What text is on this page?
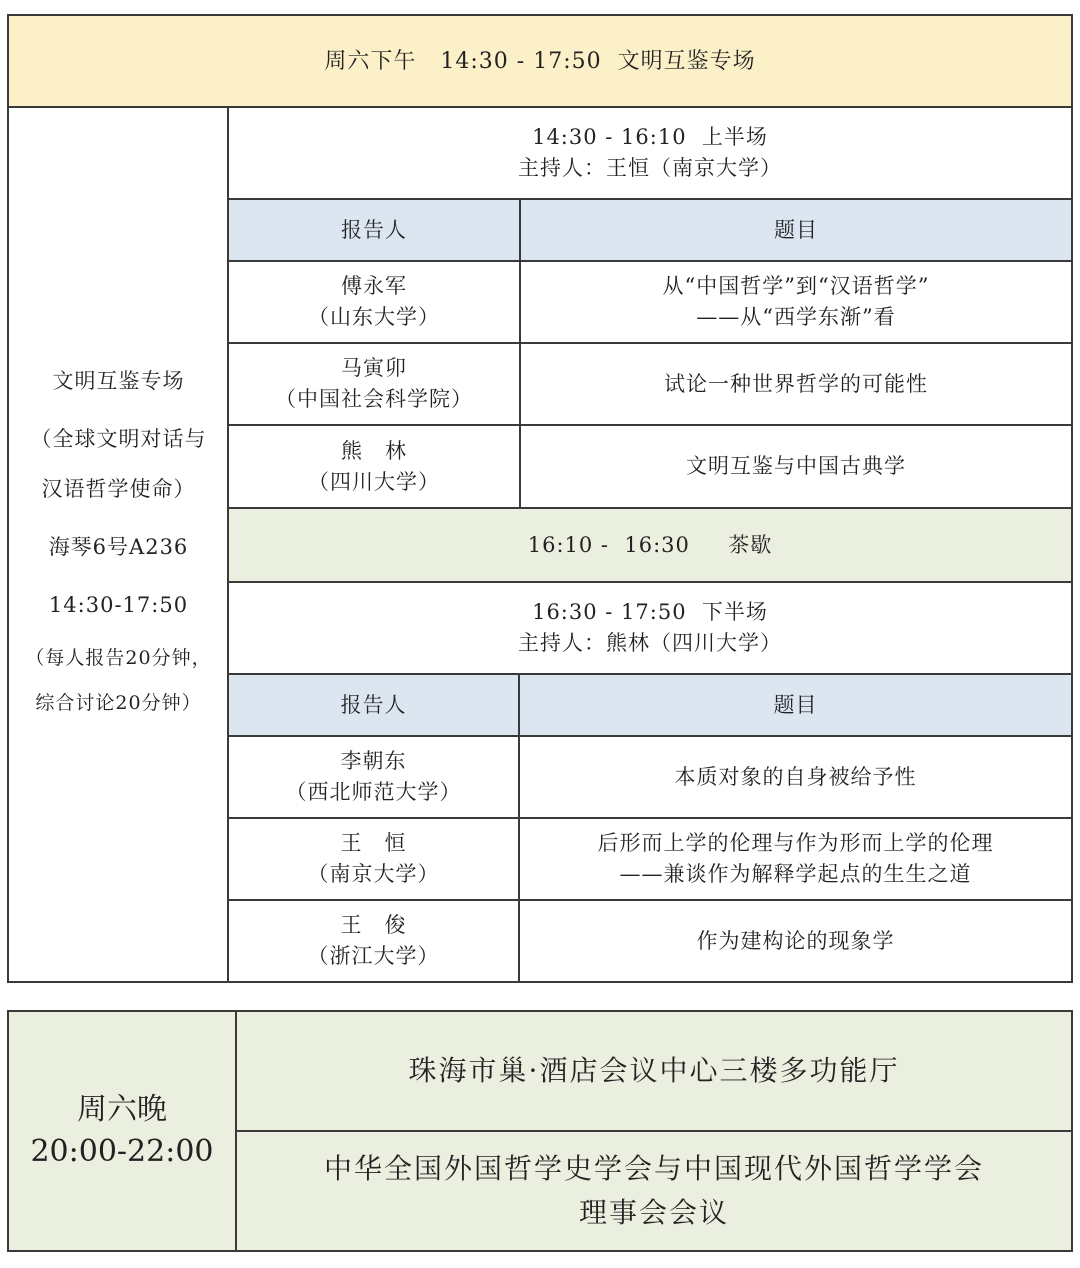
周六下午   14:30 - 17:50  文明互鉴专场
文明互鉴专场
（全球文明对话与
汉语哲学使命）
海琴6号A236
14:30-17:50
（每人报告20分钟，
综合讨论20分钟）
14:30 - 16:10  上半场
主持人：王恒（南京大学）
报告人	题目
傅永军
（山东大学）
从“中国哲学”到“汉语哲学”
——从“西学东渐”看
马寅卯
（中国社会科学院）
试论一种世界哲学的可能性
熊　林
（四川大学）
文明互鉴与中国古典学
16:10 -  16:30     茶歇
16:30 - 17:50  下半场
主持人：熊林（四川大学）
报告人	题目
李朝东
（西北师范大学）
本质对象的自身被给予性
王　恒
（南京大学）
后形而上学的伦理与作为形而上学的伦理
——兼谈作为解释学起点的生生之道
王　俊
（浙江大学）
作为建构论的现象学
周六晚
20:00-22:00
珠海市巢·酒店会议中心三楼多功能厅
中华全国外国哲学史学会与中国现代外国哲学学会
理事会会议
